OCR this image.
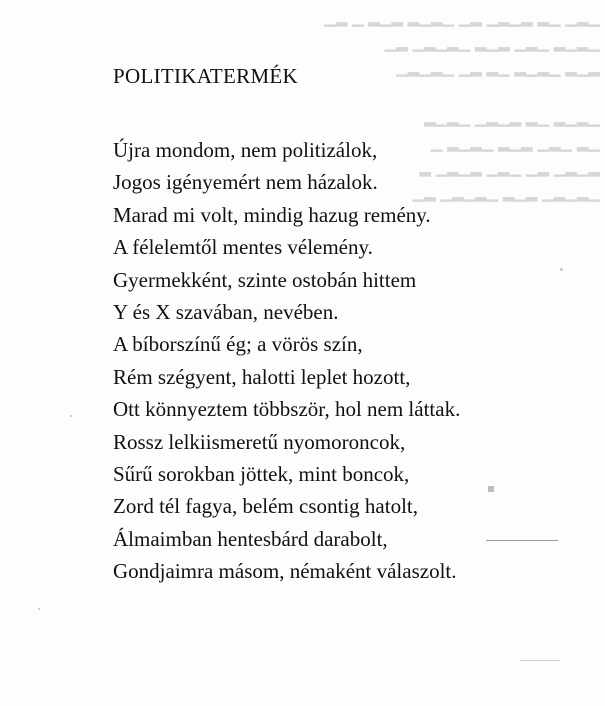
▁▂▁ ▁▂ ▂▁▂▁ ▂▁ ▁▂▁▂ ▂▁▂ ▁ ▂▁
▁▂▁▂ ▁▂▁ ▂▁▂ ▁▂▁▂▁ ▂▁
▂▁▂ ▁▂▁▂ ▁▂ ▂▁ ▁▂▁▂▁

▁▂▁▂ ▁▂ ▂▁▂▁ ▁▂▁▂
▁▂ ▁▂▁ ▂▁▂ ▁▂▁▂ ▁
▂▁▂▁ ▂▁ ▁▂▁ ▂▁▂▁ ▂
▁▂▁▂▁ ▂▁▂ ▁▂▁▂▁ ▂▁
POLITIKATERMÉK
Újra mondom, nem politizálok,
Jogos igényemért nem házalok.
Marad mi volt, mindig hazug remény.
A félelemtől mentes vélemény.
Gyermekként, szinte ostobán hittem
Y és X szavában, nevében.
A bíborszínű ég; a vörös szín,
Rém szégyent, halotti leplet hozott,
Ott könnyeztem többször, hol nem láttak.
Rossz lelkiismeretű nyomoroncok,
Sűrű sorokban jöttek, mint boncok,
Zord tél fagya, belém csontig hatolt,
Álmaimban hentesbárd darabolt,
Gondjaimra másom, némaként válaszolt.
